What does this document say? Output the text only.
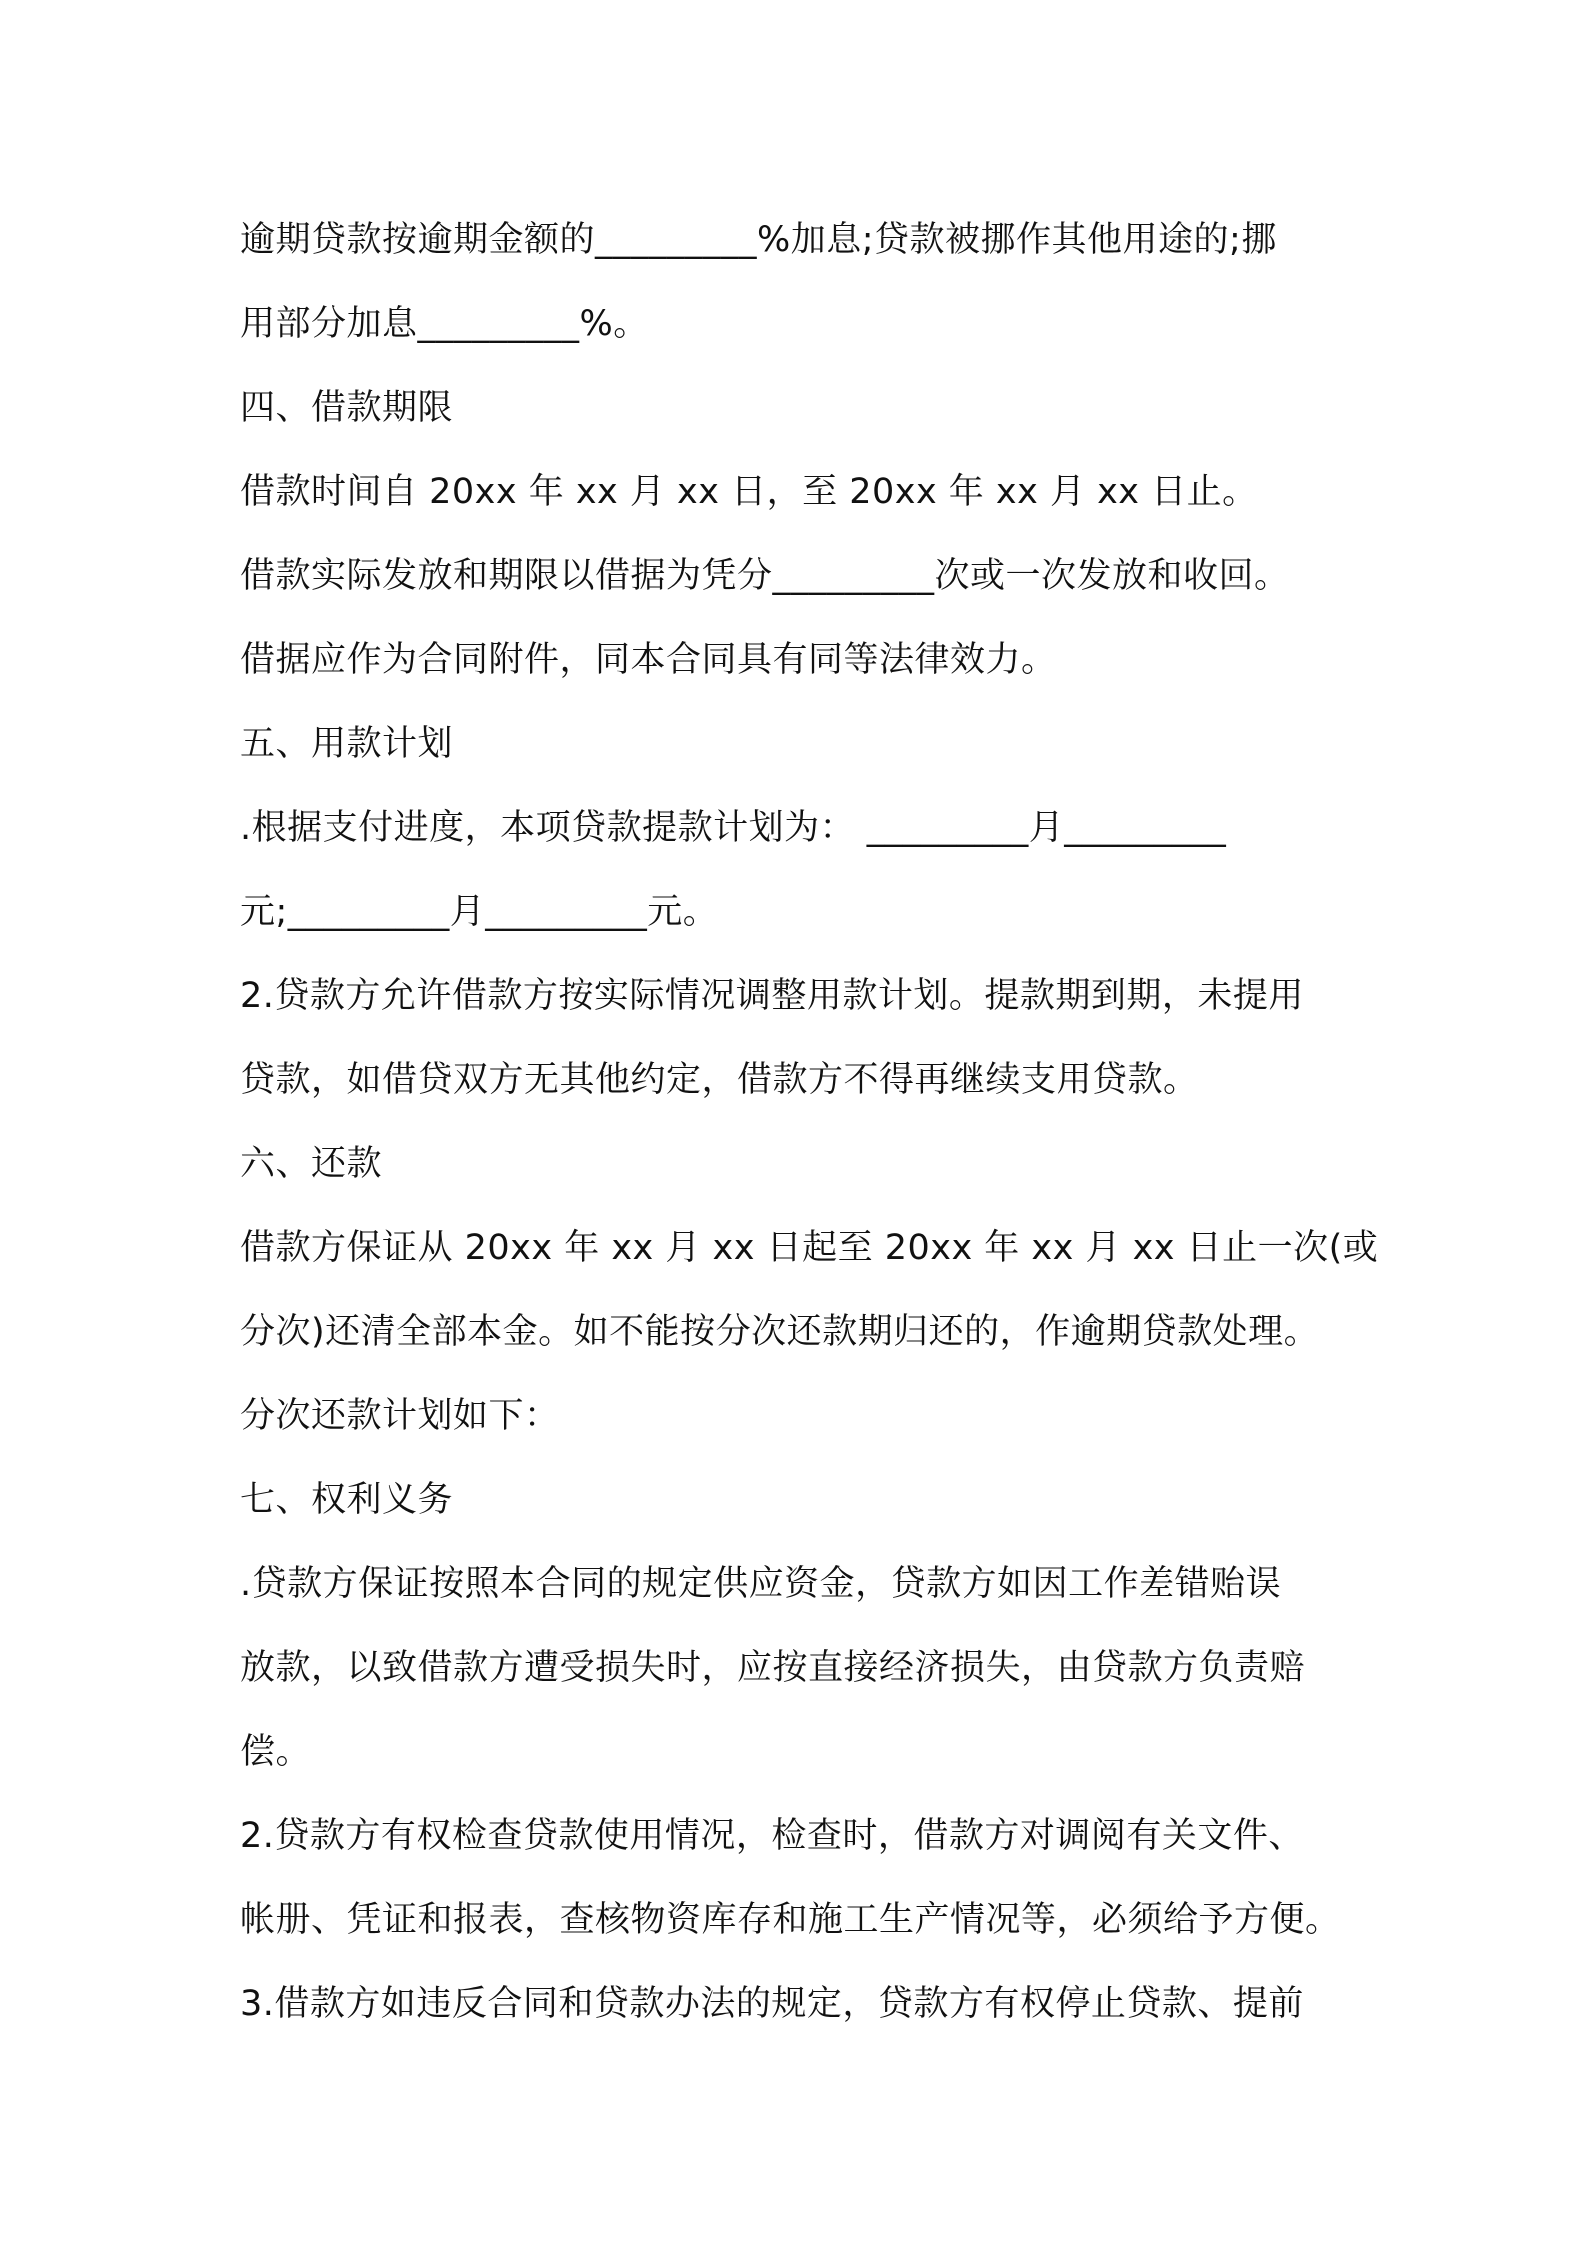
逾期贷款按逾期金额的_________%加息;贷款被挪作其他用途的;挪
用部分加息_________%。
四、借款期限
借款时间自 20xx 年 xx 月 xx 日，至 20xx 年 xx 月 xx 日止。
借款实际发放和期限以借据为凭分_________次或一次发放和收回。
借据应作为合同附件，同本合同具有同等法律效力。
五、用款计划
.根据支付进度，本项贷款提款计划为： _________月_________
元;_________月_________元。
2.贷款方允许借款方按实际情况调整用款计划。提款期到期，未提用
贷款，如借贷双方无其他约定，借款方不得再继续支用贷款。
六、还款
借款方保证从 20xx 年 xx 月 xx 日起至 20xx 年 xx 月 xx 日止一次(或
分次)还清全部本金。如不能按分次还款期归还的，作逾期贷款处理。
分次还款计划如下：
七、权利义务
.贷款方保证按照本合同的规定供应资金，贷款方如因工作差错贻误
放款，以致借款方遭受损失时，应按直接经济损失，由贷款方负责赔
偿。
2.贷款方有权检查贷款使用情况，检查时，借款方对调阅有关文件、
帐册、凭证和报表，查核物资库存和施工生产情况等，必须给予方便。
3.借款方如违反合同和贷款办法的规定，贷款方有权停止贷款、提前
